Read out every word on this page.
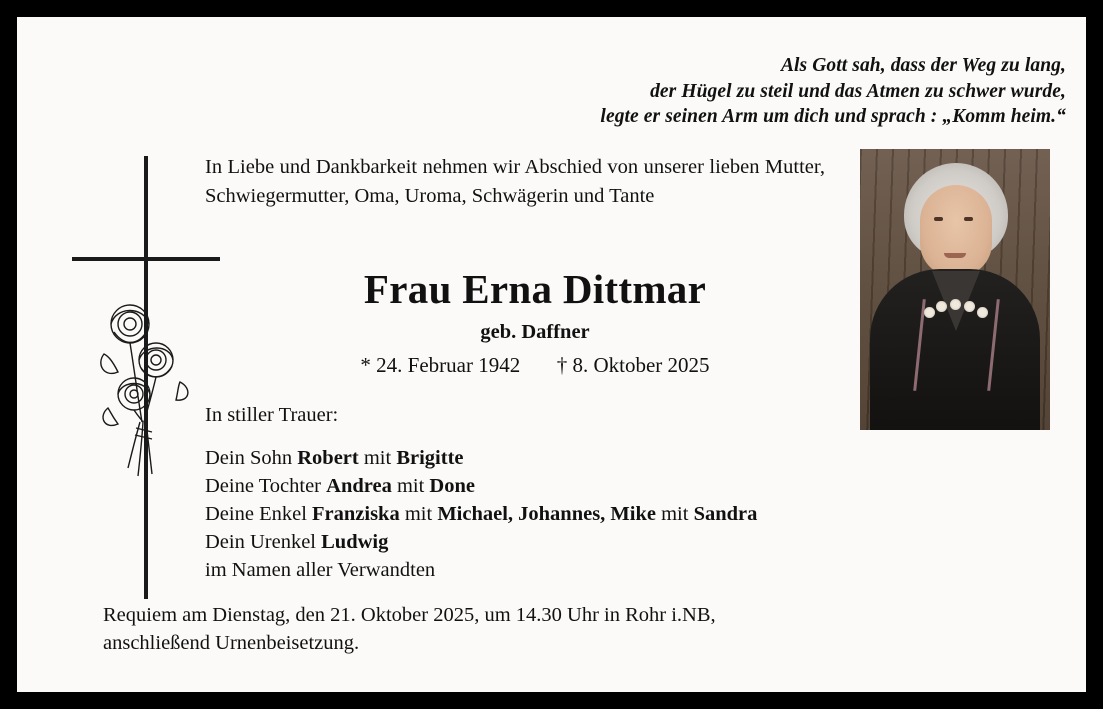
Als Gott sah, dass der Weg zu lang,
der Hügel zu steil und das Atmen zu schwer wurde,
legte er seinen Arm um dich und sprach : „Komm heim.“
In Liebe und Dankbarkeit nehmen wir Abschied von unserer lieben Mutter, Schwiegermutter, Oma, Uroma, Schwägerin und Tante
Frau Erna Dittmar
geb. Daffner
* 24. Februar 1942 † 8. Oktober 2025
In stiller Trauer:
Dein Sohn Robert mit Brigitte
Deine Tochter Andrea mit Done
Deine Enkel Franziska mit Michael, Johannes, Mike mit Sandra
Dein Urenkel Ludwig
im Namen aller Verwandten
Requiem am Dienstag, den 21. Oktober 2025, um 14.30 Uhr in Rohr i.NB,
anschließend Urnenbeisetzung.
